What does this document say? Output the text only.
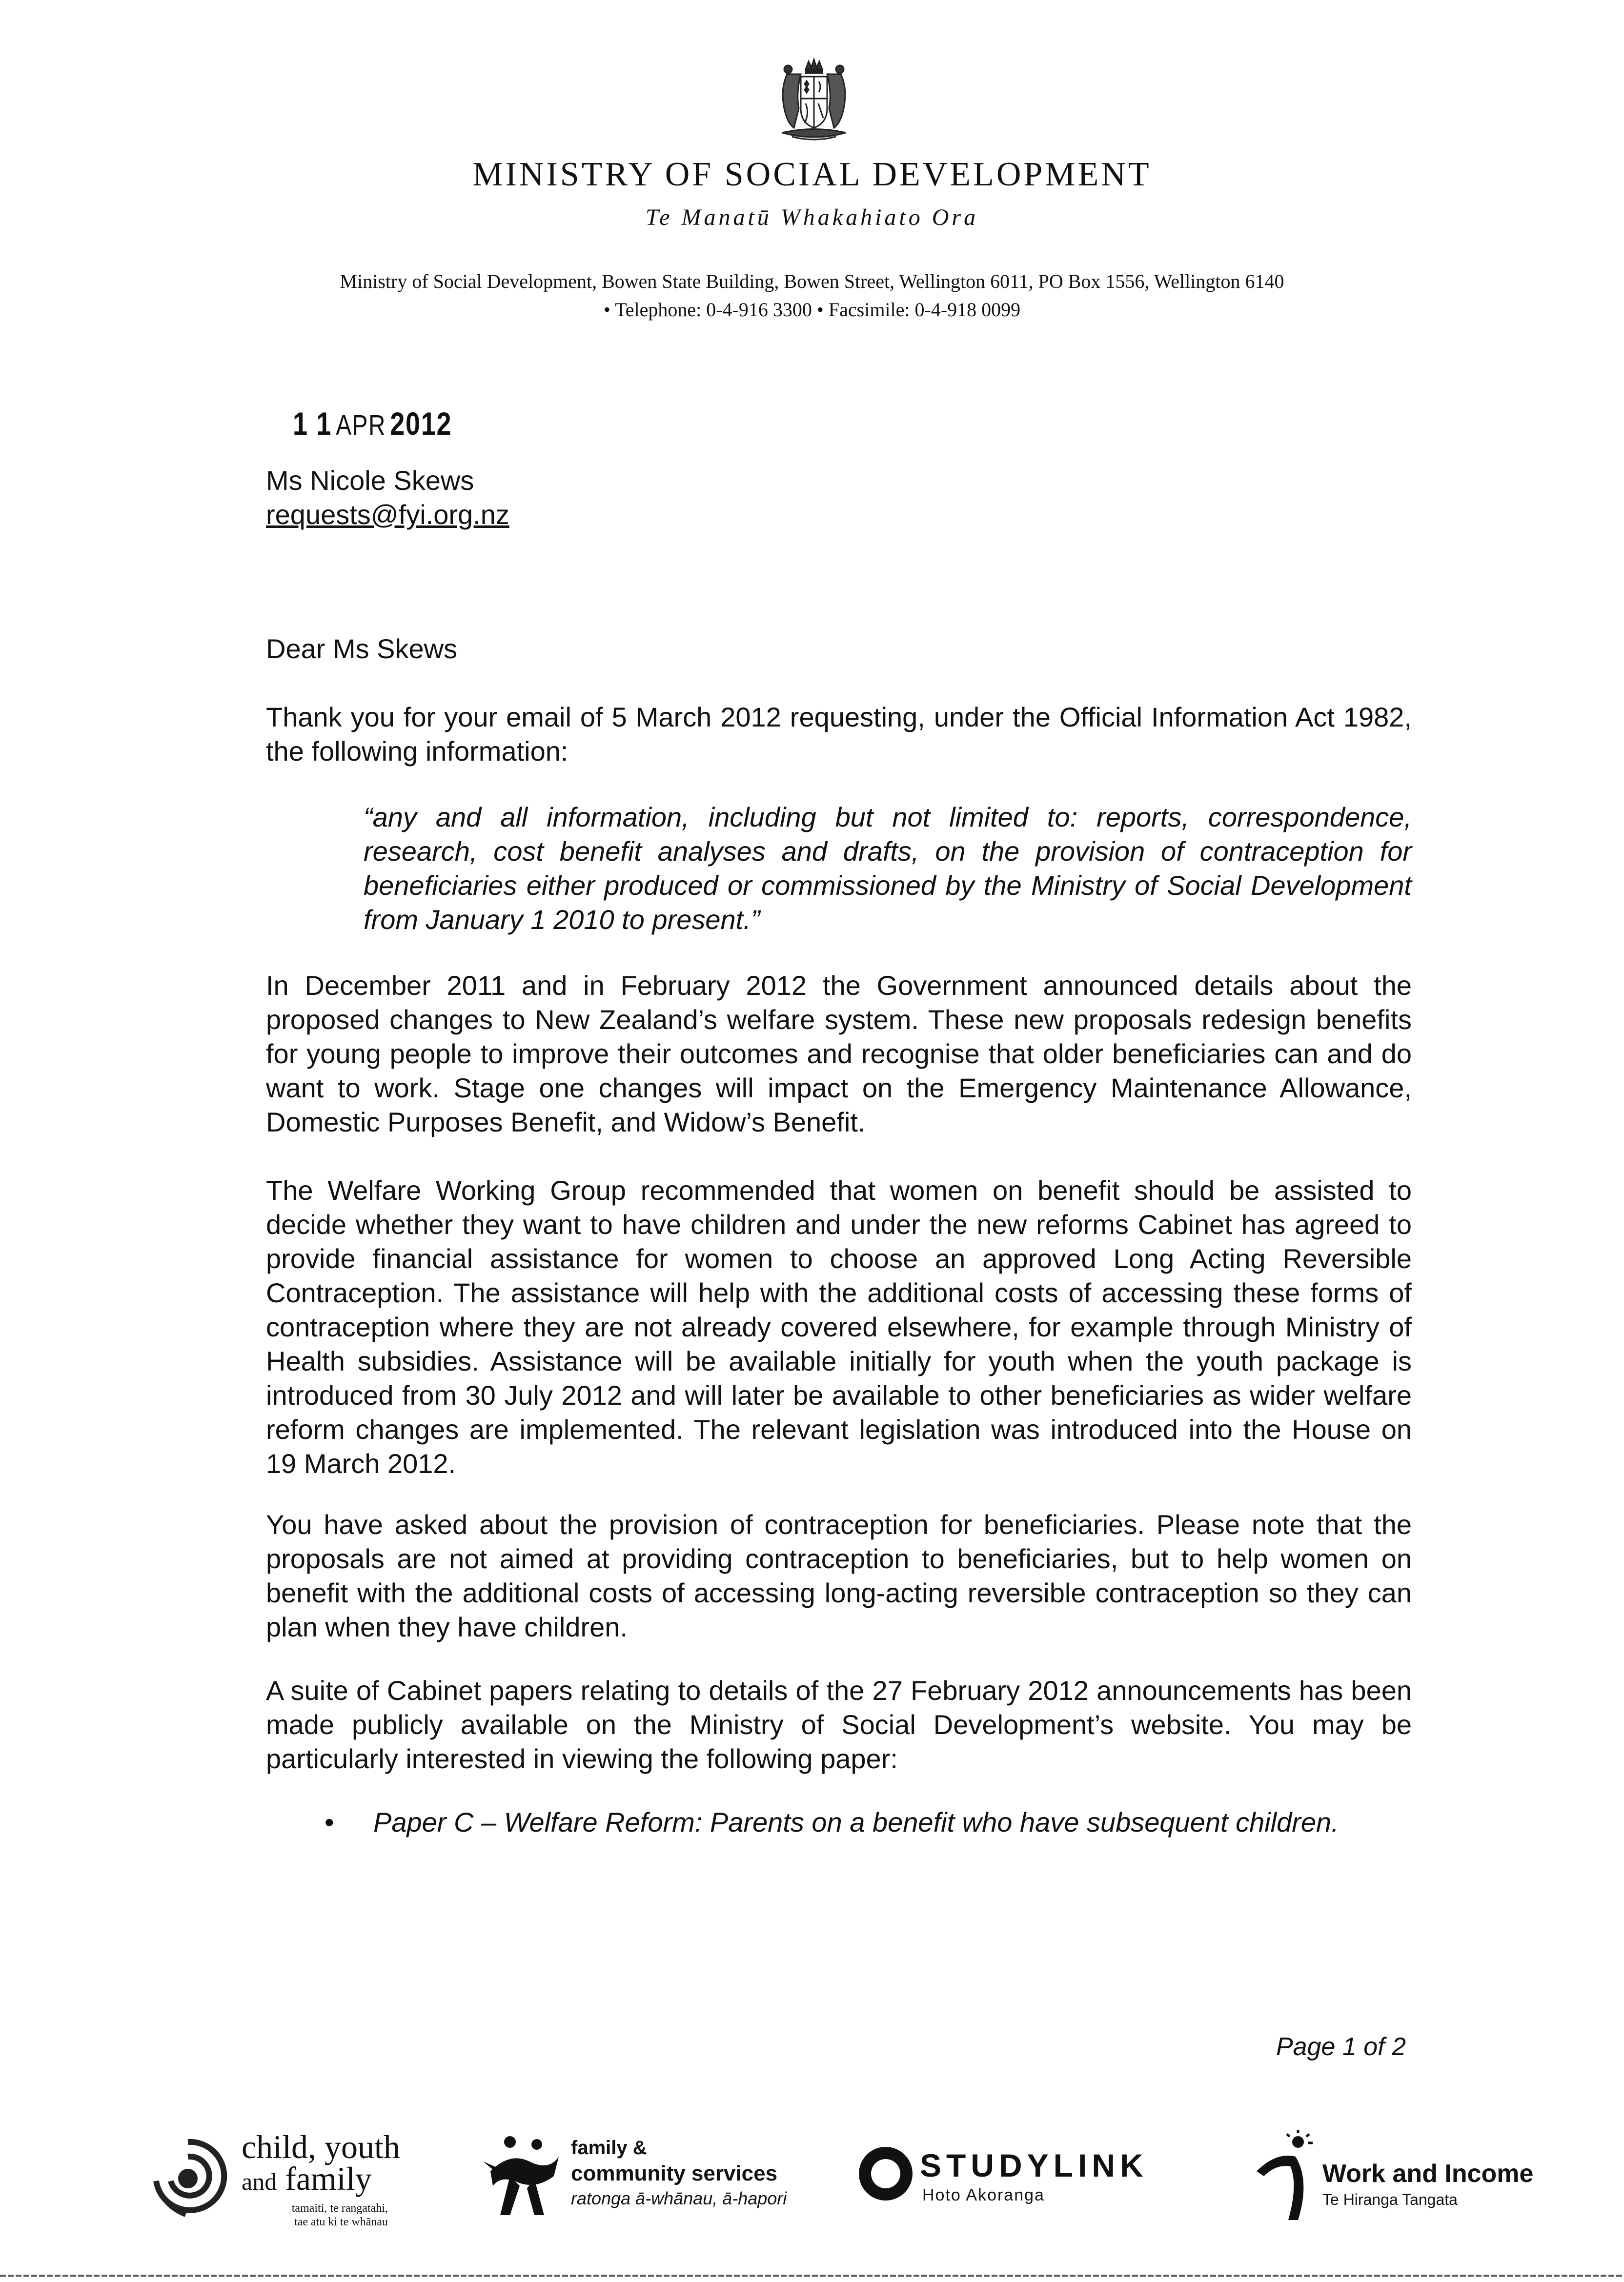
MINISTRY OF SOCIAL DEVELOPMENT
Te Manatū Whakahiato Ora
Ministry of Social Development, Bowen State Building, Bowen Street, Wellington 6011, PO Box 1556, Wellington 6140
• Telephone: 0-4-916 3300 • Facsimile: 0-4-918 0099
1 1 APR 2012
Ms Nicole Skews
requests@fyi.org.nz
Dear Ms Skews
Thank you for your email of 5 March 2012 requesting, under the Official Information Act 1982, the following information:
“any and all information, including but not limited to: reports, correspondence, research, cost benefit analyses and drafts, on the provision of contraception for beneficiaries either produced or commissioned by the Ministry of Social Development from January 1 2010 to present.”
In December 2011 and in February 2012 the Government announced details about the proposed changes to New Zealand’s welfare system. These new proposals redesign benefits for young people to improve their outcomes and recognise that older beneficiaries can and do want to work. Stage one changes will impact on the Emergency Maintenance Allowance, Domestic Purposes Benefit, and Widow’s Benefit.
The Welfare Working Group recommended that women on benefit should be assisted to decide whether they want to have children and under the new reforms Cabinet has agreed to provide financial assistance for women to choose an approved Long Acting Reversible Contraception. The assistance will help with the additional costs of accessing these forms of contraception where they are not already covered elsewhere, for example through Ministry of Health subsidies. Assistance will be available initially for youth when the youth package is introduced from 30 July 2012 and will later be available to other beneficiaries as wider welfare reform changes are implemented. The relevant legislation was introduced into the House on 19 March 2012.
You have asked about the provision of contraception for beneficiaries. Please note that the proposals are not aimed at providing contraception to beneficiaries, but to help women on benefit with the additional costs of accessing long-acting reversible contraception so they can plan when they have children.
A suite of Cabinet papers relating to details of the 27 February 2012 announcements has been made publicly available on the Ministry of Social Development’s website. You may be particularly interested in viewing the following paper:
• Paper C – Welfare Reform: Parents on a benefit who have subsequent children.
Page 1 of 2
child, youth
and family
tamaiti, te rangatahi,
tae atu ki te whānau
family &
community services
ratonga ā-whānau, ā-hapori
STUDYLINK
Hoto Akoranga
Work and Income
Te Hiranga Tangata
